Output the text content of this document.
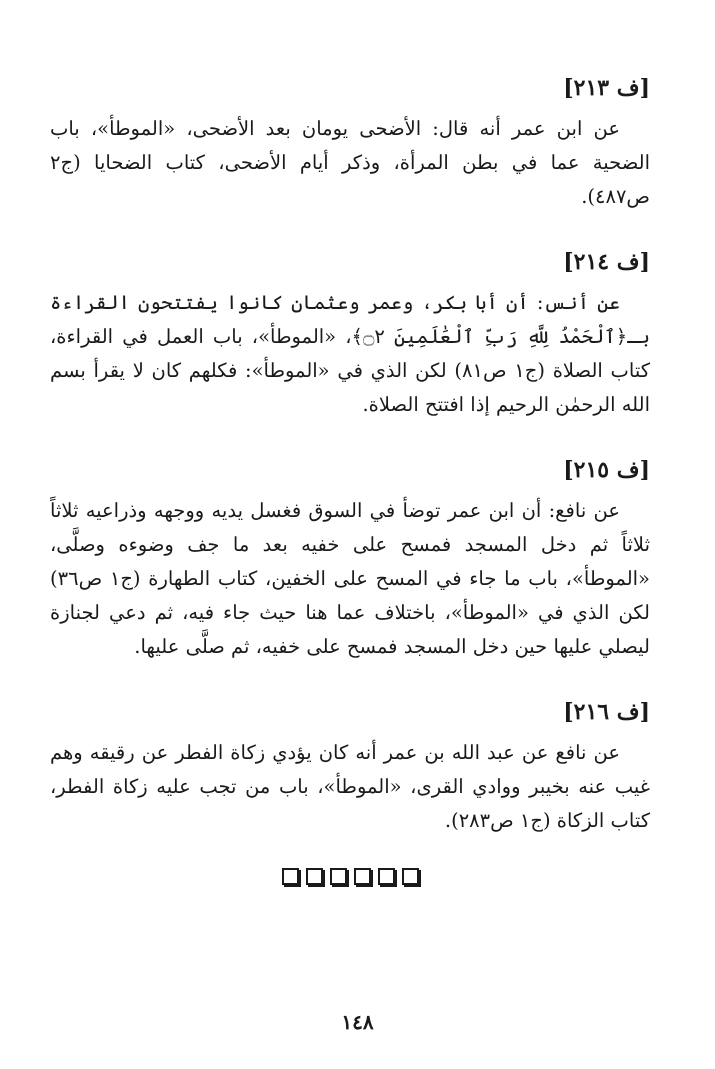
[ف ٢١٣]

عن ابن عمر أنه قال: الأضحى يومان بعد الأضحى، «الموطأ»، باب الضحية عما في بطن المرأة، وذكر أيام الأضحى، كتاب الضحايا (ج٢ ص٤٨٧).

[ف ٢١٤]

عن أنس: أن أبا بكر، وعمر وعثمان كانوا يفتتحون القراءة بـ﴿ٱلْحَمْدُ لِلَّهِ رَبِّ ٱلْعَٰلَمِينَ ۝٢﴾، «الموطأ»، باب العمل في القراءة، كتاب الصلاة (ج١ ص٨١) لكن الذي في «الموطأ»: فكلهم كان لا يقرأ بسم الله الرحمٰن الرحيم إذا افتتح الصلاة.

[ف ٢١٥]

عن نافع: أن ابن عمر توضأ في السوق فغسل يديه ووجهه وذراعيه ثلاثاً ثلاثاً ثم دخل المسجد فمسح على خفيه بعد ما جف وضوءه وصلَّى، «الموطأ»، باب ما جاء في المسح على الخفين، كتاب الطهارة (ج١ ص٣٦) لكن الذي في «الموطأ»، باختلاف عما هنا حيث جاء فيه، ثم دعي لجنازة ليصلي عليها حين دخل المسجد فمسح على خفيه، ثم صلَّى عليها.

[ف ٢١٦]

عن نافع عن عبد الله بن عمر أنه كان يؤدي زكاة الفطر عن رقيقه وهم غيب عنه بخيبر ووادي القرى، «الموطأ»، باب من تجب عليه زكاة الفطر، كتاب الزكاة (ج١ ص٢٨٣).

١٤٨
